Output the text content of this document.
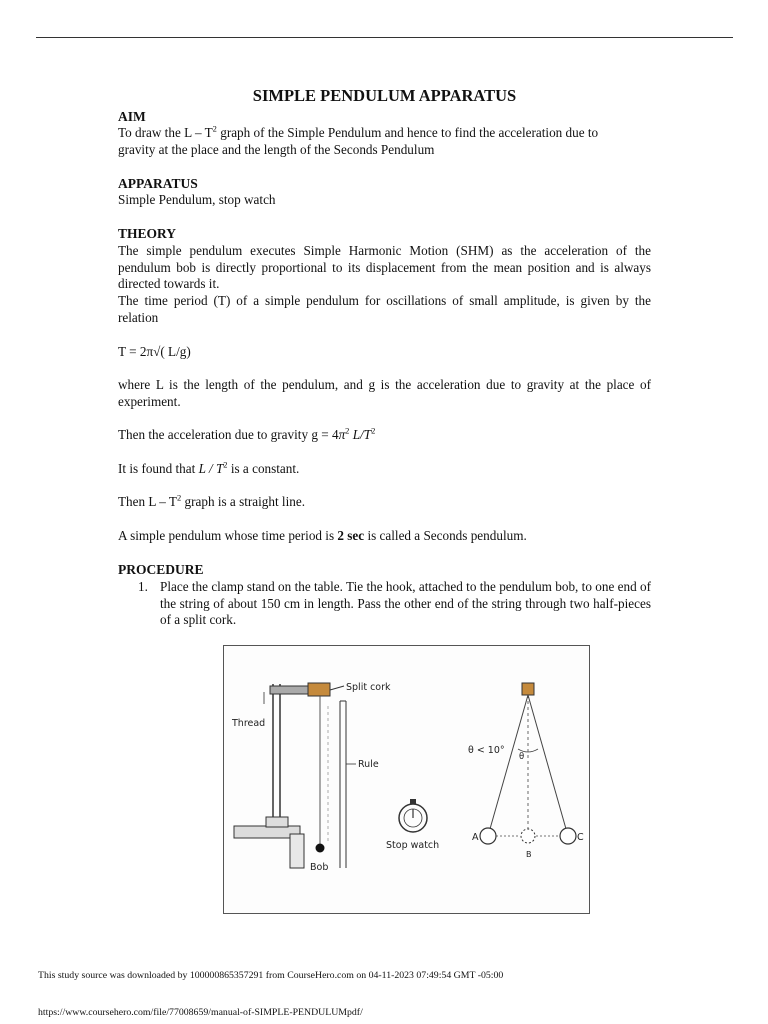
SIMPLE PENDULUM APPARATUS
AIM
To draw the L – $T^2$ graph of the Simple Pendulum and hence to find the acceleration due to
gravity at the place and the length of the Seconds Pendulum
APPARATUS
Simple Pendulum, stop watch
THEORY
The simple pendulum executes Simple Harmonic Motion (SHM) as the acceleration of the pendulum bob is directly proportional to its displacement from the mean position and is always directed towards it.
The time period (T) of a simple pendulum for oscillations of small amplitude, is given by the relation
T = 2π√( L/g)
where L is the length of the pendulum, and g is the acceleration due to gravity at the place of experiment.
Then the acceleration due to gravity $g = 4\pi^2$ $L/T^2$
It is found that L / $T^2$ is a constant.
Then L – $T^2$ graph is a straight line.
A simple pendulum whose time period is 2 sec is called a Seconds pendulum.
PROCEDURE
1. Place the clamp stand on the table. Tie the hook, attached to the pendulum bob, to one end of the string of about 150 cm in length. Pass the other end of the string through two half-pieces of a split cork.
Split cork
Thread
Bob
Rule
Stop watch
A
B
C
θ < 10°
θ
This study source was downloaded by 100000865357291 from CourseHero.com on 04-11-2023 07:49:54 GMT -05:00
https://www.coursehero.com/file/77008659/manual-of-SIMPLE-PENDULUMpdf/
